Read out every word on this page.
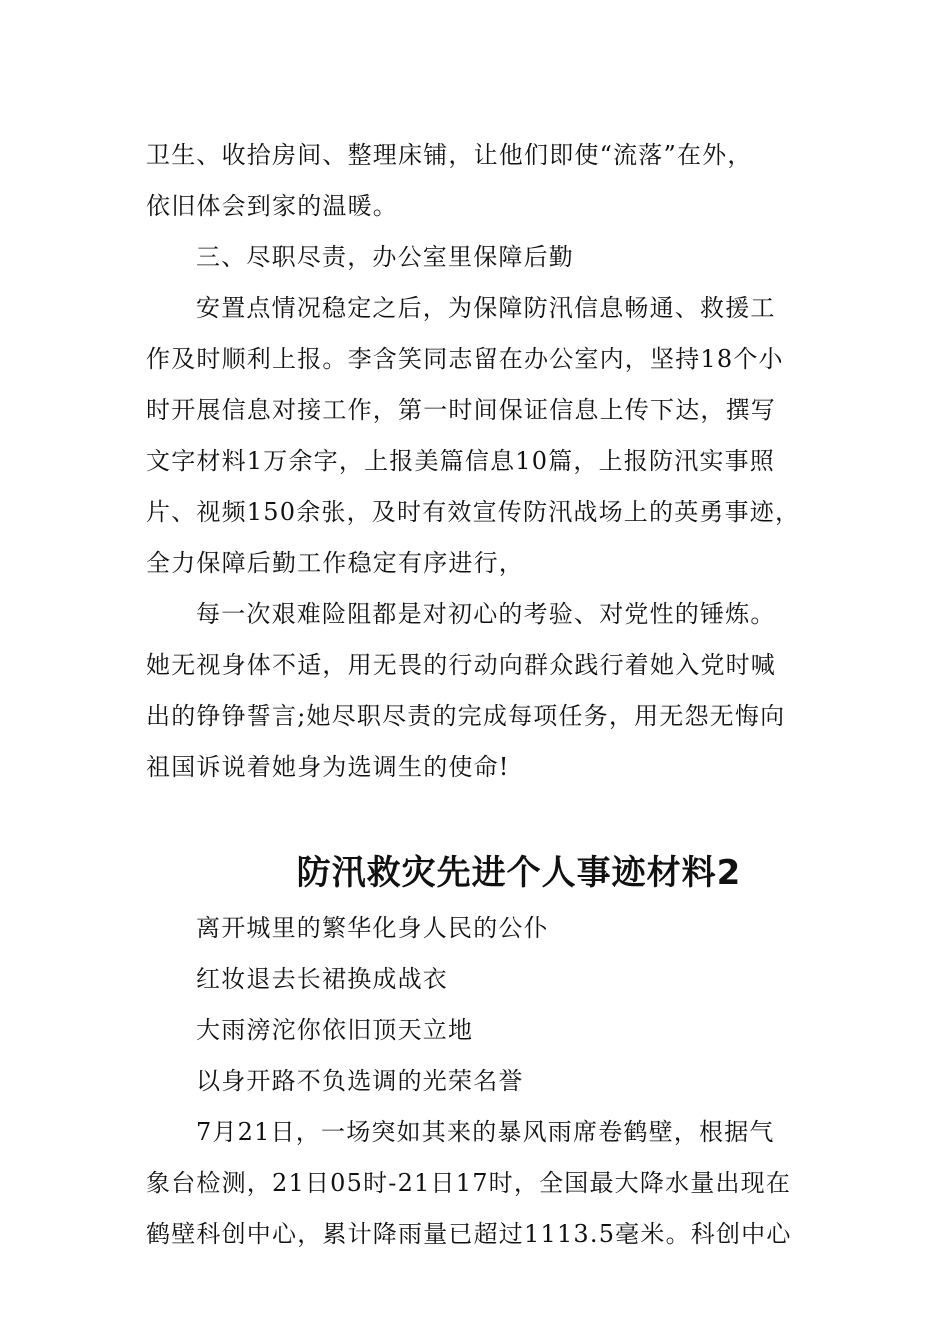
卫生、收拾房间、整理床铺，让他们即使“流落”在外，
依旧体会到家的温暖。
三、尽职尽责，办公室里保障后勤
安置点情况稳定之后，为保障防汛信息畅通、救援工
作及时顺利上报。李含笑同志留在办公室内，坚持18个小
时开展信息对接工作，第一时间保证信息上传下达，撰写
文字材料1万余字，上报美篇信息10篇，上报防汛实事照
片、视频150余张，及时有效宣传防汛战场上的英勇事迹，
全力保障后勤工作稳定有序进行，
每一次艰难险阻都是对初心的考验、对党性的锤炼。
她无视身体不适，用无畏的行动向群众践行着她入党时喊
出的铮铮誓言;她尽职尽责的完成每项任务，用无怨无悔向
祖国诉说着她身为选调生的使命!
防汛救灾先进个人事迹材料2
离开城里的繁华化身人民的公仆
红妆退去长裙换成战衣
大雨滂沱你依旧顶天立地
以身开路不负选调的光荣名誉
7月21日，一场突如其来的暴风雨席卷鹤壁，根据气
象台检测，21日05时-21日17时，全国最大降水量出现在
鹤壁科创中心，累计降雨量已超过1113.5毫米。科创中心
